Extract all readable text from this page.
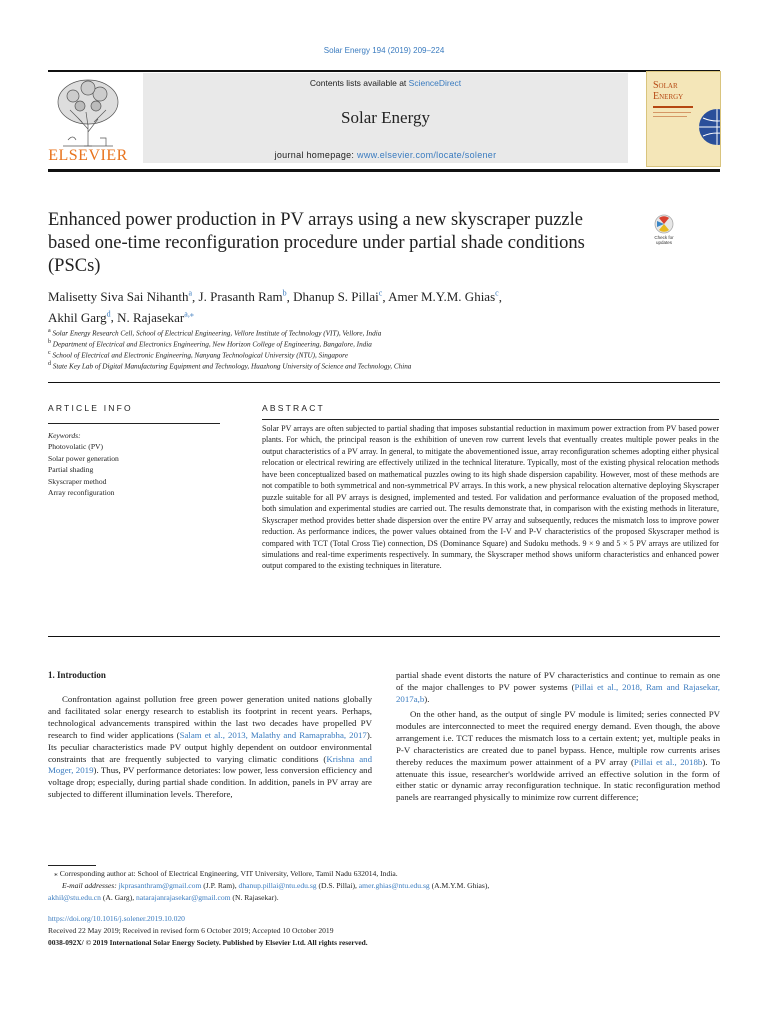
Solar Energy 194 (2019) 209–224
ELSEVIER
Contents lists available at ScienceDirect
Solar Energy
journal homepage: www.elsevier.com/locate/solener
Solar
Energy
Enhanced power production in PV arrays using a new skyscraper puzzle based one-time reconfiguration procedure under partial shade conditions (PSCs)
Check for updates
Malisetty Siva Sai Nihanth$^a$, J. Prasanth Ram$^b$, Dhanup S. Pillai$^c$, Amer M.Y.M. Ghias$^c$,
Akhil Garg$^d$, N. Rajasekar$^{a,⁎}$
$^a$ Solar Energy Research Cell, School of Electrical Engineering, Vellore Institute of Technology (VIT), Vellore, India
$^b$ Department of Electrical and Electronics Engineering, New Horizon College of Engineering, Bangalore, India
$^c$ School of Electrical and Electronic Engineering, Nanyang Technological University (NTU), Singapore
$^d$ State Key Lab of Digital Manufacturing Equipment and Technology, Huazhong University of Science and Technology, China
ARTICLE INFO
Keywords:
Photovolatic (PV)
Solar power generation
Partial shading
Skyscraper method
Array reconfiguration
ABSTRACT
Solar PV arrays are often subjected to partial shading that imposes substantial reduction in maximum power extraction from PV based power plants. For which, the principal reason is the exhibition of uneven row current levels that eventually creates multiple power peaks in the output characteristics of a PV array. In general, to mitigate the abovementioned issue, array reconfiguration schemes adopting either physical relocation or electrical rewiring are effectively utilized in the technical literature. Typically, most of the existing physical relocation methods have been conceptualized based on mathematical puzzles owing to its high shade dispersion capability. However, most of these methods are not compatible to both symmetrical and non-symmetrical PV arrays. In this work, a new physical relocation alternative deploying Skyscraper puzzle suitable for all PV arrays is designed, implemented and tested. For validation and performance evaluation of the proposed method, both simulation and experimental studies are carried out. The results demonstrate that, in comparison with the existing methods in literature, Skyscraper method provides better shade dispersion over the entire PV array and subsequently, reduces the mismatch loss to improve power reduction. As performance indices, the power values obtained from the I-V and P-V characteristics of the proposed Skyscraper method is compared with TCT (Total Cross Tie) connection, DS (Dominance Square) and Sudoku methods. 9 × 9 and 5 × 5 PV arrays are utilized for simulations and real-time experiments respectively. In summary, the Skyscraper method shows uniform characteristics and enhanced power output compared to the existing techniques in literature.
1. Introduction
Confrontation against pollution free green power generation united nations globally and facilitated solar energy research to establish its footprint in recent years. Perhaps, technological advancements transpired within the last two decades have propelled PV research to find wider applications (Salam et al., 2013, Malathy and Ramaprabha, 2017). Its peculiar characteristics made PV output highly dependent on outdoor environmental constraints that are frequently subjected to varying climatic conditions (Krishna and Moger, 2019). Thus, PV performance detoriates: low power, less conversion efficiency and voltage drop; especially, during partial shade condition. In addition, panels in PV array are subjected to different illumination levels. Therefore,
partial shade event distorts the nature of PV characteristics and continue to remain as one of the major challenges to PV power systems (Pillai et al., 2018, Ram and Rajasekar, 2017a,b).
On the other hand, as the output of single PV module is limited; series connected PV modules are interconnected to meet the required energy demand. Even though, the above arrangement i.e. TCT reduces the mismatch loss to a certain extent; yet, multiple peaks in P-V characteristics are created due to panel bypass. Hence, multiple row currents arises thereby reduces the maximum power attainment of a PV array (Pillai et al., 2018b). To attenuate this issue, researcher's worldwide arrived an effective solution in the form of either static or dynamic array reconfiguration technique. In static reconfiguration method panels are rearranged physically to minimize row current difference;
⁎ Corresponding author at: School of Electrical Engineering, VIT University, Vellore, Tamil Nadu 632014, India.
E-mail addresses: jkprasanthram@gmail.com (J.P. Ram), dhanup.pillai@ntu.edu.sg (D.S. Pillai), amer.ghias@ntu.edu.sg (A.M.Y.M. Ghias),
akhil@stu.edu.cn (A. Garg), natarajanrajasekar@gmail.com (N. Rajasekar).
https://doi.org/10.1016/j.solener.2019.10.020
Received 22 May 2019; Received in revised form 6 October 2019; Accepted 10 October 2019
0038-092X/ © 2019 International Solar Energy Society. Published by Elsevier Ltd. All rights reserved.
